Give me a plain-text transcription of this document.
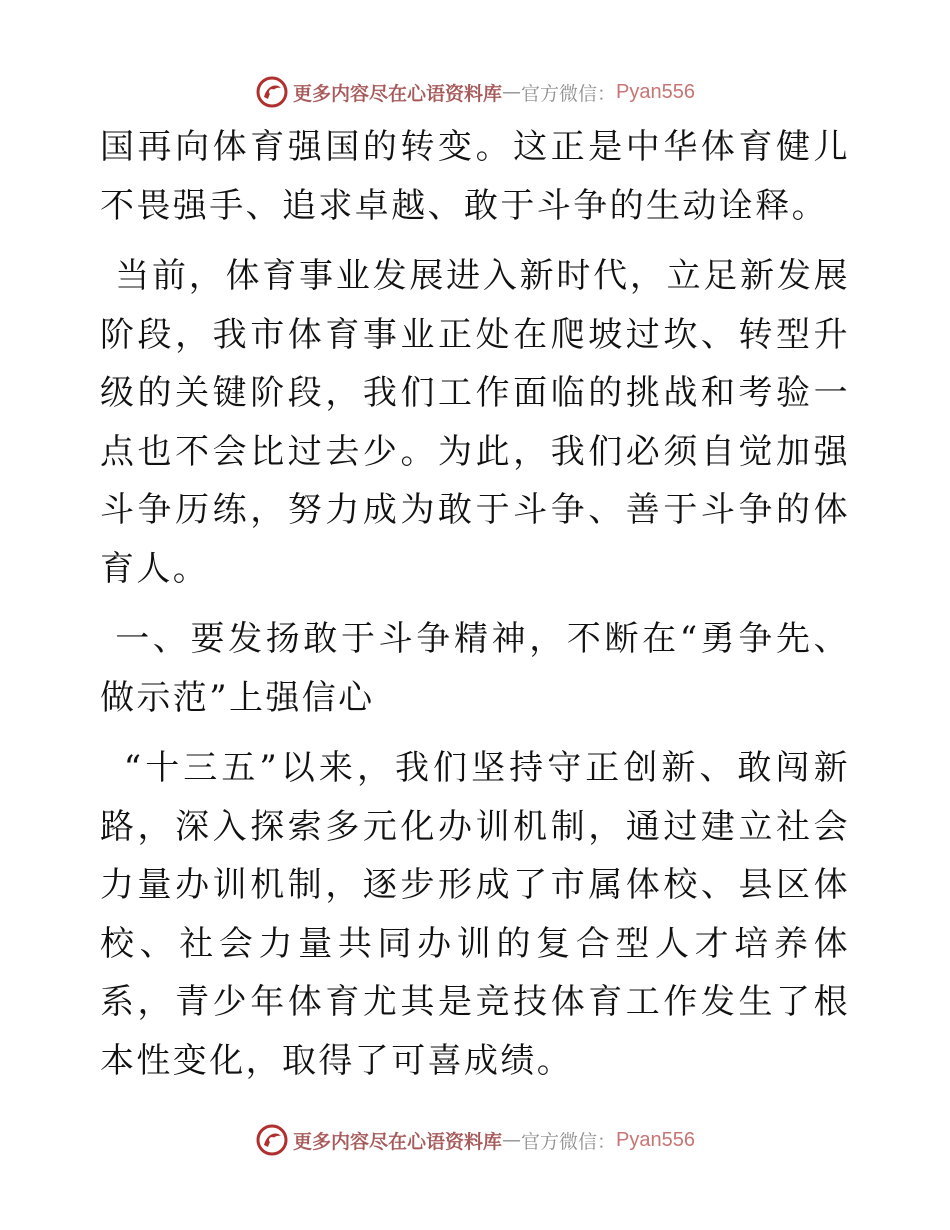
更多内容尽在心语资料库 — 官方微信： Pyan556

国再向体育强国的转变。这正是中华体育健儿不畏强手、追求卓越、敢于斗争的生动诠释。

当前，体育事业发展进入新时代，立足新发展阶段，我市体育事业正处在爬坡过坎、转型升级的关键阶段，我们工作面临的挑战和考验一点也不会比过去少。为此，我们必须自觉加强斗争历练，努力成为敢于斗争、善于斗争的体育人。

一、要发扬敢于斗争精神，不断在“勇争先、做示范”上强信心

“十三五”以来，我们坚持守正创新、敢闯新路，深入探索多元化办训机制，通过建立社会力量办训机制，逐步形成了市属体校、县区体校、社会力量共同办训的复合型人才培养体系，青少年体育尤其是竞技体育工作发生了根本性变化，取得了可喜成绩。

更多内容尽在心语资料库 — 官方微信： Pyan556
